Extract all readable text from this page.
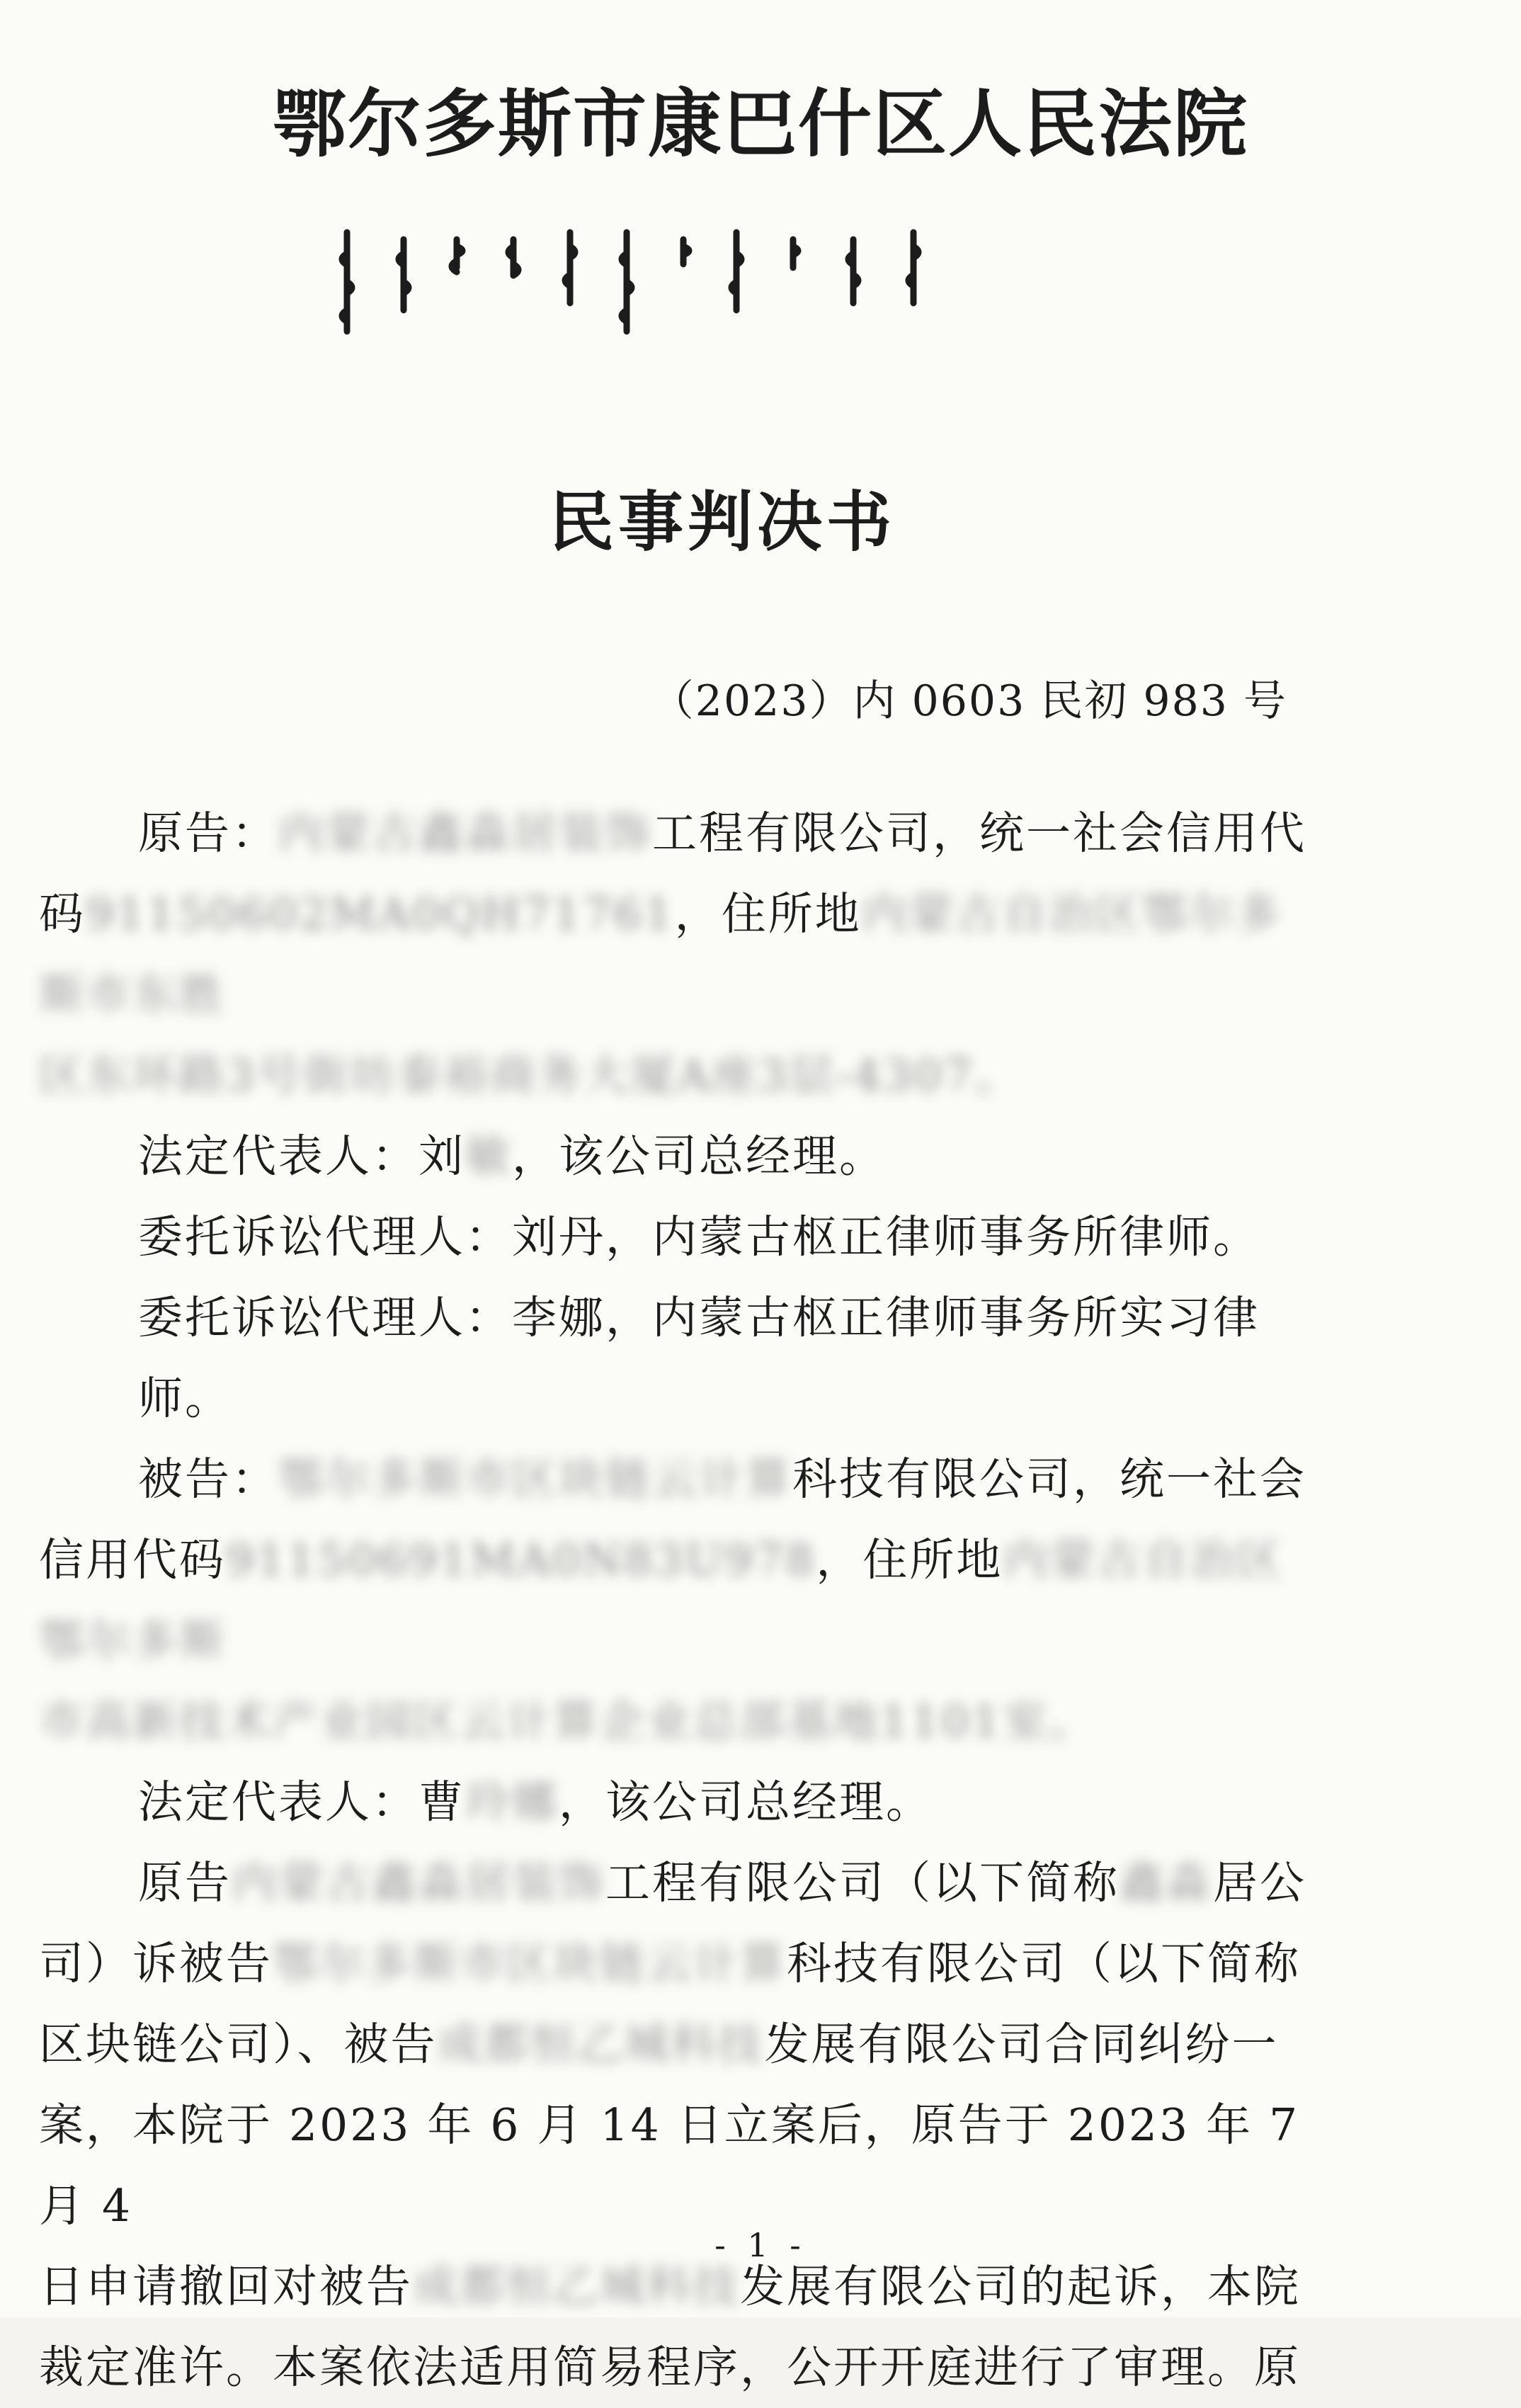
鄂尔多斯市康巴什区人民法院
民事判决书
（2023）内 0603 民初 983 号

原告：内蒙古鑫淼居装饰工程有限公司，统一社会信用代

码91150602MA0QH71761，住所地内蒙古自治区鄂尔多斯市东胜

区东环路3号街坊泰裕商务大厦A座3层-4307。

法定代表人：刘敏，该公司总经理。

委托诉讼代理人：刘丹，内蒙古枢正律师事务所律师。

委托诉讼代理人：李娜，内蒙古枢正律师事务所实习律师。

被告：鄂尔多斯市区块链云计算科技有限公司，统一社会

信用代码91150691MA0N83U978，住所地内蒙古自治区鄂尔多斯

市高新技术产业园区云计算企业总部基地1101室。

法定代表人：曹玲娜，该公司总经理。

原告内蒙古鑫淼居装饰工程有限公司（以下简称鑫淼居公

司）诉被告鄂尔多斯市区块链云计算科技有限公司（以下简称

区块链公司）、被告成都恒乙城科技发展有限公司合同纠纷一

案，本院于 2023 年 6 月 14 日立案后，原告于 2023 年 7 月 4

日申请撤回对被告成都恒乙城科技发展有限公司的起诉，本院

裁定准许。本案依法适用简易程序，公开开庭进行了审理。原

- 1 -
